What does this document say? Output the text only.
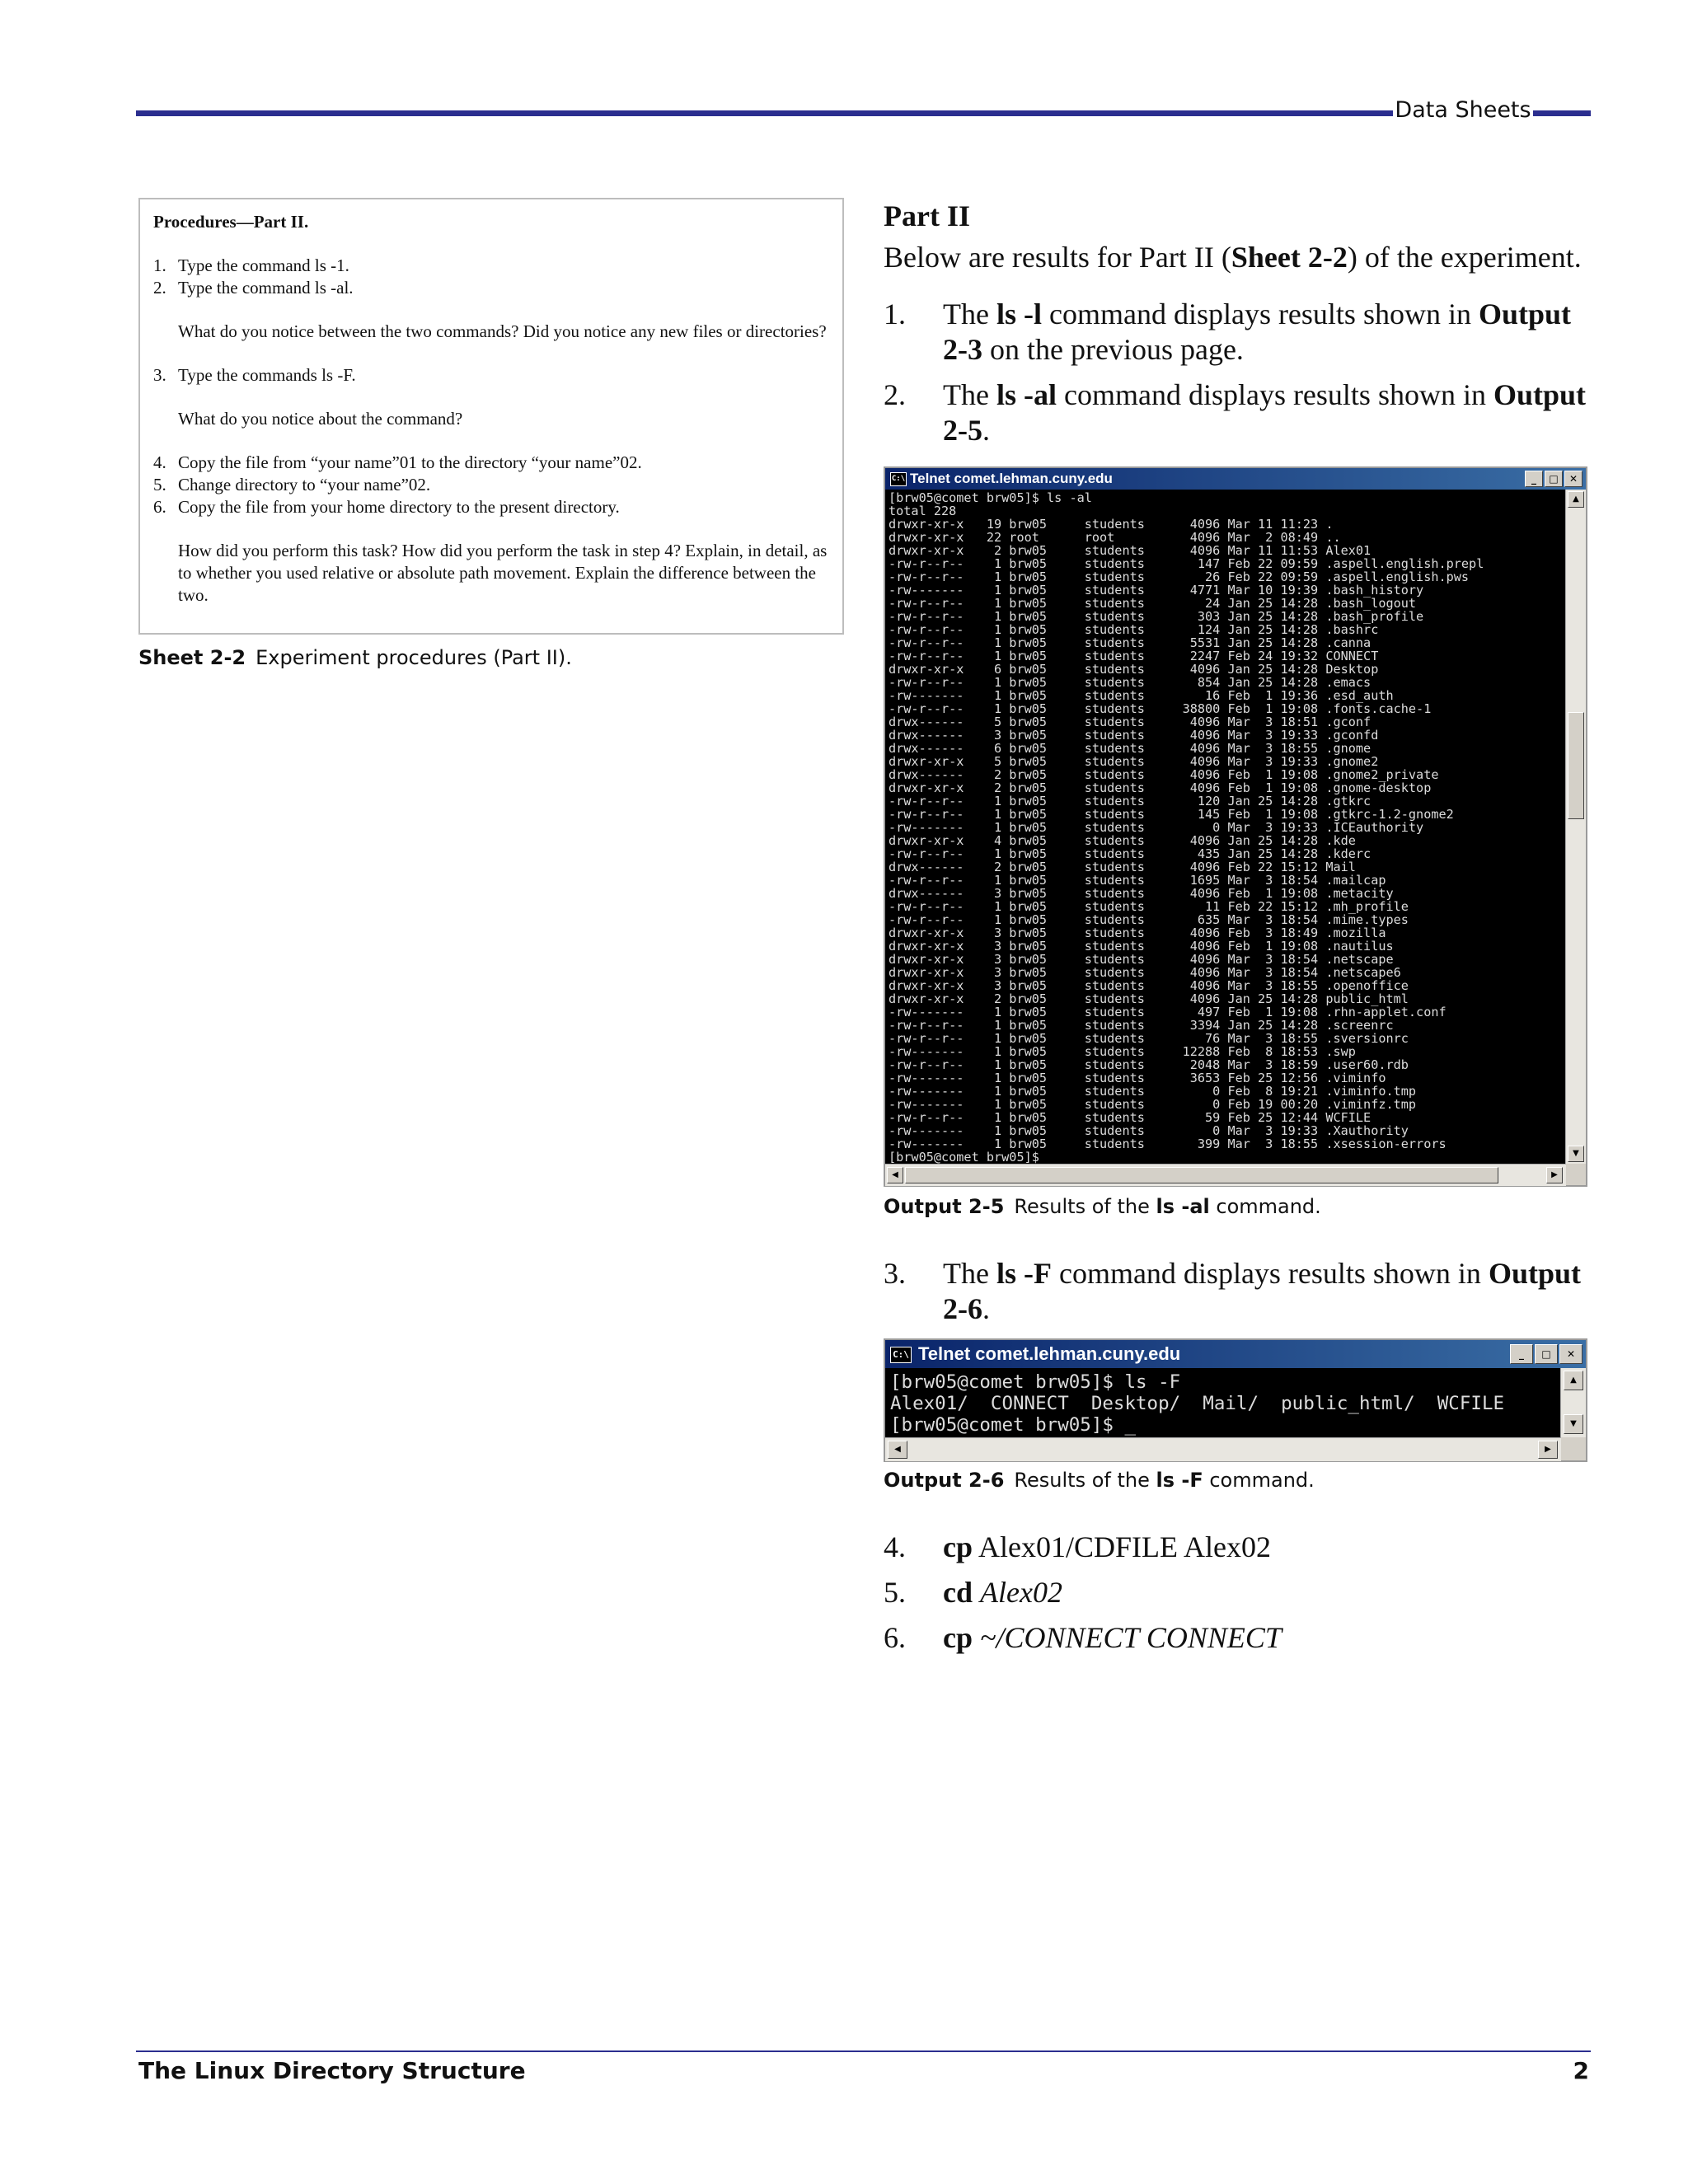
Data Sheets
Procedures—Part II.
1. Type the command ls -1.
2. Type the command ls -al.
What do you notice between the two commands? Did you notice any new files or directories?
3. Type the commands ls -F.
What do you notice about the command?
4. Copy the file from “your name”01 to the directory “your name”02.
5. Change directory to “your name”02.
6. Copy the file from your home directory to the present directory.
How did you perform this task? How did you perform the task in step 4? Explain, in detail, as to whether you used relative or absolute path movement. Explain the difference between the two.
Sheet 2-2 Experiment procedures (Part II).
Part II
Below are results for Part II (Sheet 2-2) of the experiment.
1.	The ls -l command displays results shown in Output 2-3 on the previous page.
2.	The ls -al command displays results shown in Output 2-5.
C:\ Telnet comet.lehman.cuny.edu	_	□	✕
[brw05@comet brw05]$ ls -al
total 228
drwxr-xr-x   19 brw05     students      4096 Mar 11 11:23 .
drwxr-xr-x   22 root      root          4096 Mar  2 08:49 ..
drwxr-xr-x    2 brw05     students      4096 Mar 11 11:53 Alex01
-rw-r--r--    1 brw05     students       147 Feb 22 09:59 .aspell.english.prepl
-rw-r--r--    1 brw05     students        26 Feb 22 09:59 .aspell.english.pws
-rw-------    1 brw05     students      4771 Mar 10 19:39 .bash_history
-rw-r--r--    1 brw05     students        24 Jan 25 14:28 .bash_logout
-rw-r--r--    1 brw05     students       303 Jan 25 14:28 .bash_profile
-rw-r--r--    1 brw05     students       124 Jan 25 14:28 .bashrc
-rw-r--r--    1 brw05     students      5531 Jan 25 14:28 .canna
-rw-r--r--    1 brw05     students      2247 Feb 24 19:32 CONNECT
drwxr-xr-x    6 brw05     students      4096 Jan 25 14:28 Desktop
-rw-r--r--    1 brw05     students       854 Jan 25 14:28 .emacs
-rw-------    1 brw05     students        16 Feb  1 19:36 .esd_auth
-rw-r--r--    1 brw05     students     38800 Feb  1 19:08 .fonts.cache-1
drwx------    5 brw05     students      4096 Mar  3 18:51 .gconf
drwx------    3 brw05     students      4096 Mar  3 19:33 .gconfd
drwx------    6 brw05     students      4096 Mar  3 18:55 .gnome
drwxr-xr-x    5 brw05     students      4096 Mar  3 19:33 .gnome2
drwx------    2 brw05     students      4096 Feb  1 19:08 .gnome2_private
drwxr-xr-x    2 brw05     students      4096 Feb  1 19:08 .gnome-desktop
-rw-r--r--    1 brw05     students       120 Jan 25 14:28 .gtkrc
-rw-r--r--    1 brw05     students       145 Feb  1 19:08 .gtkrc-1.2-gnome2
-rw-------    1 brw05     students         0 Mar  3 19:33 .ICEauthority
drwxr-xr-x    4 brw05     students      4096 Jan 25 14:28 .kde
-rw-r--r--    1 brw05     students       435 Jan 25 14:28 .kderc
drwx------    2 brw05     students      4096 Feb 22 15:12 Mail
-rw-r--r--    1 brw05     students      1695 Mar  3 18:54 .mailcap
drwx------    3 brw05     students      4096 Feb  1 19:08 .metacity
-rw-r--r--    1 brw05     students        11 Feb 22 15:12 .mh_profile
-rw-r--r--    1 brw05     students       635 Mar  3 18:54 .mime.types
drwxr-xr-x    3 brw05     students      4096 Feb  3 18:49 .mozilla
drwxr-xr-x    3 brw05     students      4096 Feb  1 19:08 .nautilus
drwxr-xr-x    3 brw05     students      4096 Mar  3 18:54 .netscape
drwxr-xr-x    3 brw05     students      4096 Mar  3 18:54 .netscape6
drwxr-xr-x    3 brw05     students      4096 Mar  3 18:55 .openoffice
drwxr-xr-x    2 brw05     students      4096 Jan 25 14:28 public_html
-rw-------    1 brw05     students       497 Feb  1 19:08 .rhn-applet.conf
-rw-r--r--    1 brw05     students      3394 Jan 25 14:28 .screenrc
-rw-r--r--    1 brw05     students        76 Mar  3 18:55 .sversionrc
-rw-------    1 brw05     students     12288 Feb  8 18:53 .swp
-rw-r--r--    1 brw05     students      2048 Mar  3 18:59 .user60.rdb
-rw-------    1 brw05     students      3653 Feb 25 12:56 .viminfo
-rw-------    1 brw05     students         0 Feb  8 19:21 .viminfo.tmp
-rw-------    1 brw05     students         0 Feb 19 00:20 .viminfz.tmp
-rw-r--r--    1 brw05     students        59 Feb 25 12:44 WCFILE
-rw-------    1 brw05     students         0 Mar  3 19:33 .Xauthority
-rw-------    1 brw05     students       399 Mar  3 18:55 .xsession-errors
[brw05@comet brw05]$
▲
▼
◀	▶
Output 2-5 Results of the ls -al command.
3.	The ls -F command displays results shown in Output 2-6.
C:\ Telnet comet.lehman.cuny.edu	_	□	✕
[brw05@comet brw05]$ ls -F
Alex01/  CONNECT  Desktop/  Mail/  public_html/  WCFILE
[brw05@comet brw05]$ _
▲
▼
◀	▶
Output 2-6 Results of the ls -F command.
4.	cp Alex01/CDFILE Alex02
5.	cd Alex02
6.	cp ~/CONNECT CONNECT
The Linux Directory Structure	2
